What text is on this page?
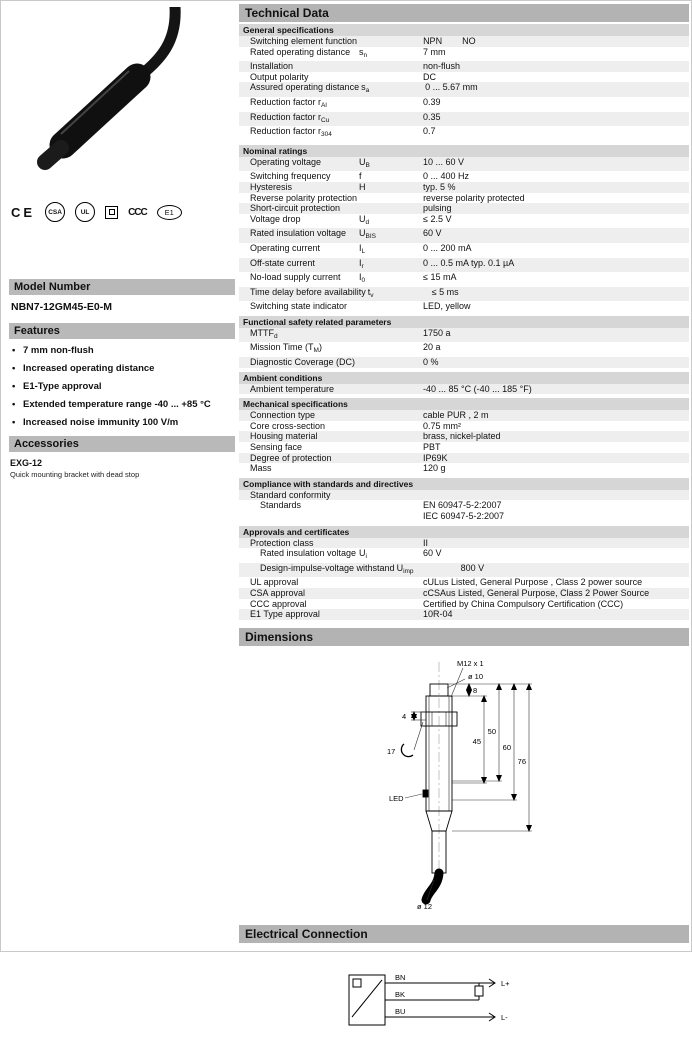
CE	CSA	UL	CCC	E1
Model Number
NBN7-12GM45-E0-M
Features
• 7 mm non-flush
• Increased operating distance
• E1-Type approval
• Extended temperature range -40 ... +85 °C
• Increased noise immunity 100 V/m
Accessories
EXG-12
Quick mounting bracket with dead stop
Technical Data
General specifications
Switching element function	NPN NO
Rated operating distance $s_n$	7 mm
Installation	non-flush
Output polarity	DC
Assured operating distance $s_a$	0 ... 5.67 mm
Reduction factor $r_{Al}$	0.39
Reduction factor $r_{Cu}$	0.35
Reduction factor $r_{304}$	0.7
Nominal ratings
Operating voltage	$U_B$	10 ... 60 V
Switching frequency	f	0 ... 400 Hz
Hysteresis	H	typ. 5 %
Reverse polarity protection	reverse polarity protected
Short-circuit protection	pulsing
Voltage drop	$U_d$	≤ 2.5 V
Rated insulation voltage	$U_{BIS}$	60 V
Operating current	$I_L$	0 ... 200 mA
Off-state current	$I_r$	0 ... 0.5 mA typ. 0.1 µA
No-load supply current	$I_0$	≤ 15 mA
Time delay before availability $t_v$	≤ 5 ms
Switching state indicator	LED, yellow
Functional safety related parameters
$MTTF_d$	1750 a
Mission Time $(T_M)$	20 a
Diagnostic Coverage (DC)	0 %
Ambient conditions
Ambient temperature	-40 ... 85 °C (-40 ... 185 °F)
Mechanical specifications
Connection type	cable PUR , 2 m
Core cross-section	0.75 mm²
Housing material	brass, nickel-plated
Sensing face	PBT
Degree of protection	IP69K
Mass	120 g
Compliance with standards and directives
Standard conformity
Standards	EN 60947-5-2:2007
IEC 60947-5-2:2007
Approvals and certificates
Protection class	II
Rated insulation voltage $U_i$	60 V
Design-impulse-voltage withstand $U_{imp}$	800 V
UL approval	cULus Listed, General Purpose , Class 2 power source
CSA approval	cCSAus Listed, General Purpose, Class 2 Power Source
CCC approval	Certified by China Compulsory Certification (CCC)
E1 Type approval	10R-04
Dimensions
M12 x 1
ø 10
8
4
45
50
60
76
17
LED
ø 12
Electrical Connection
BN
BK
BU
L+
L-
